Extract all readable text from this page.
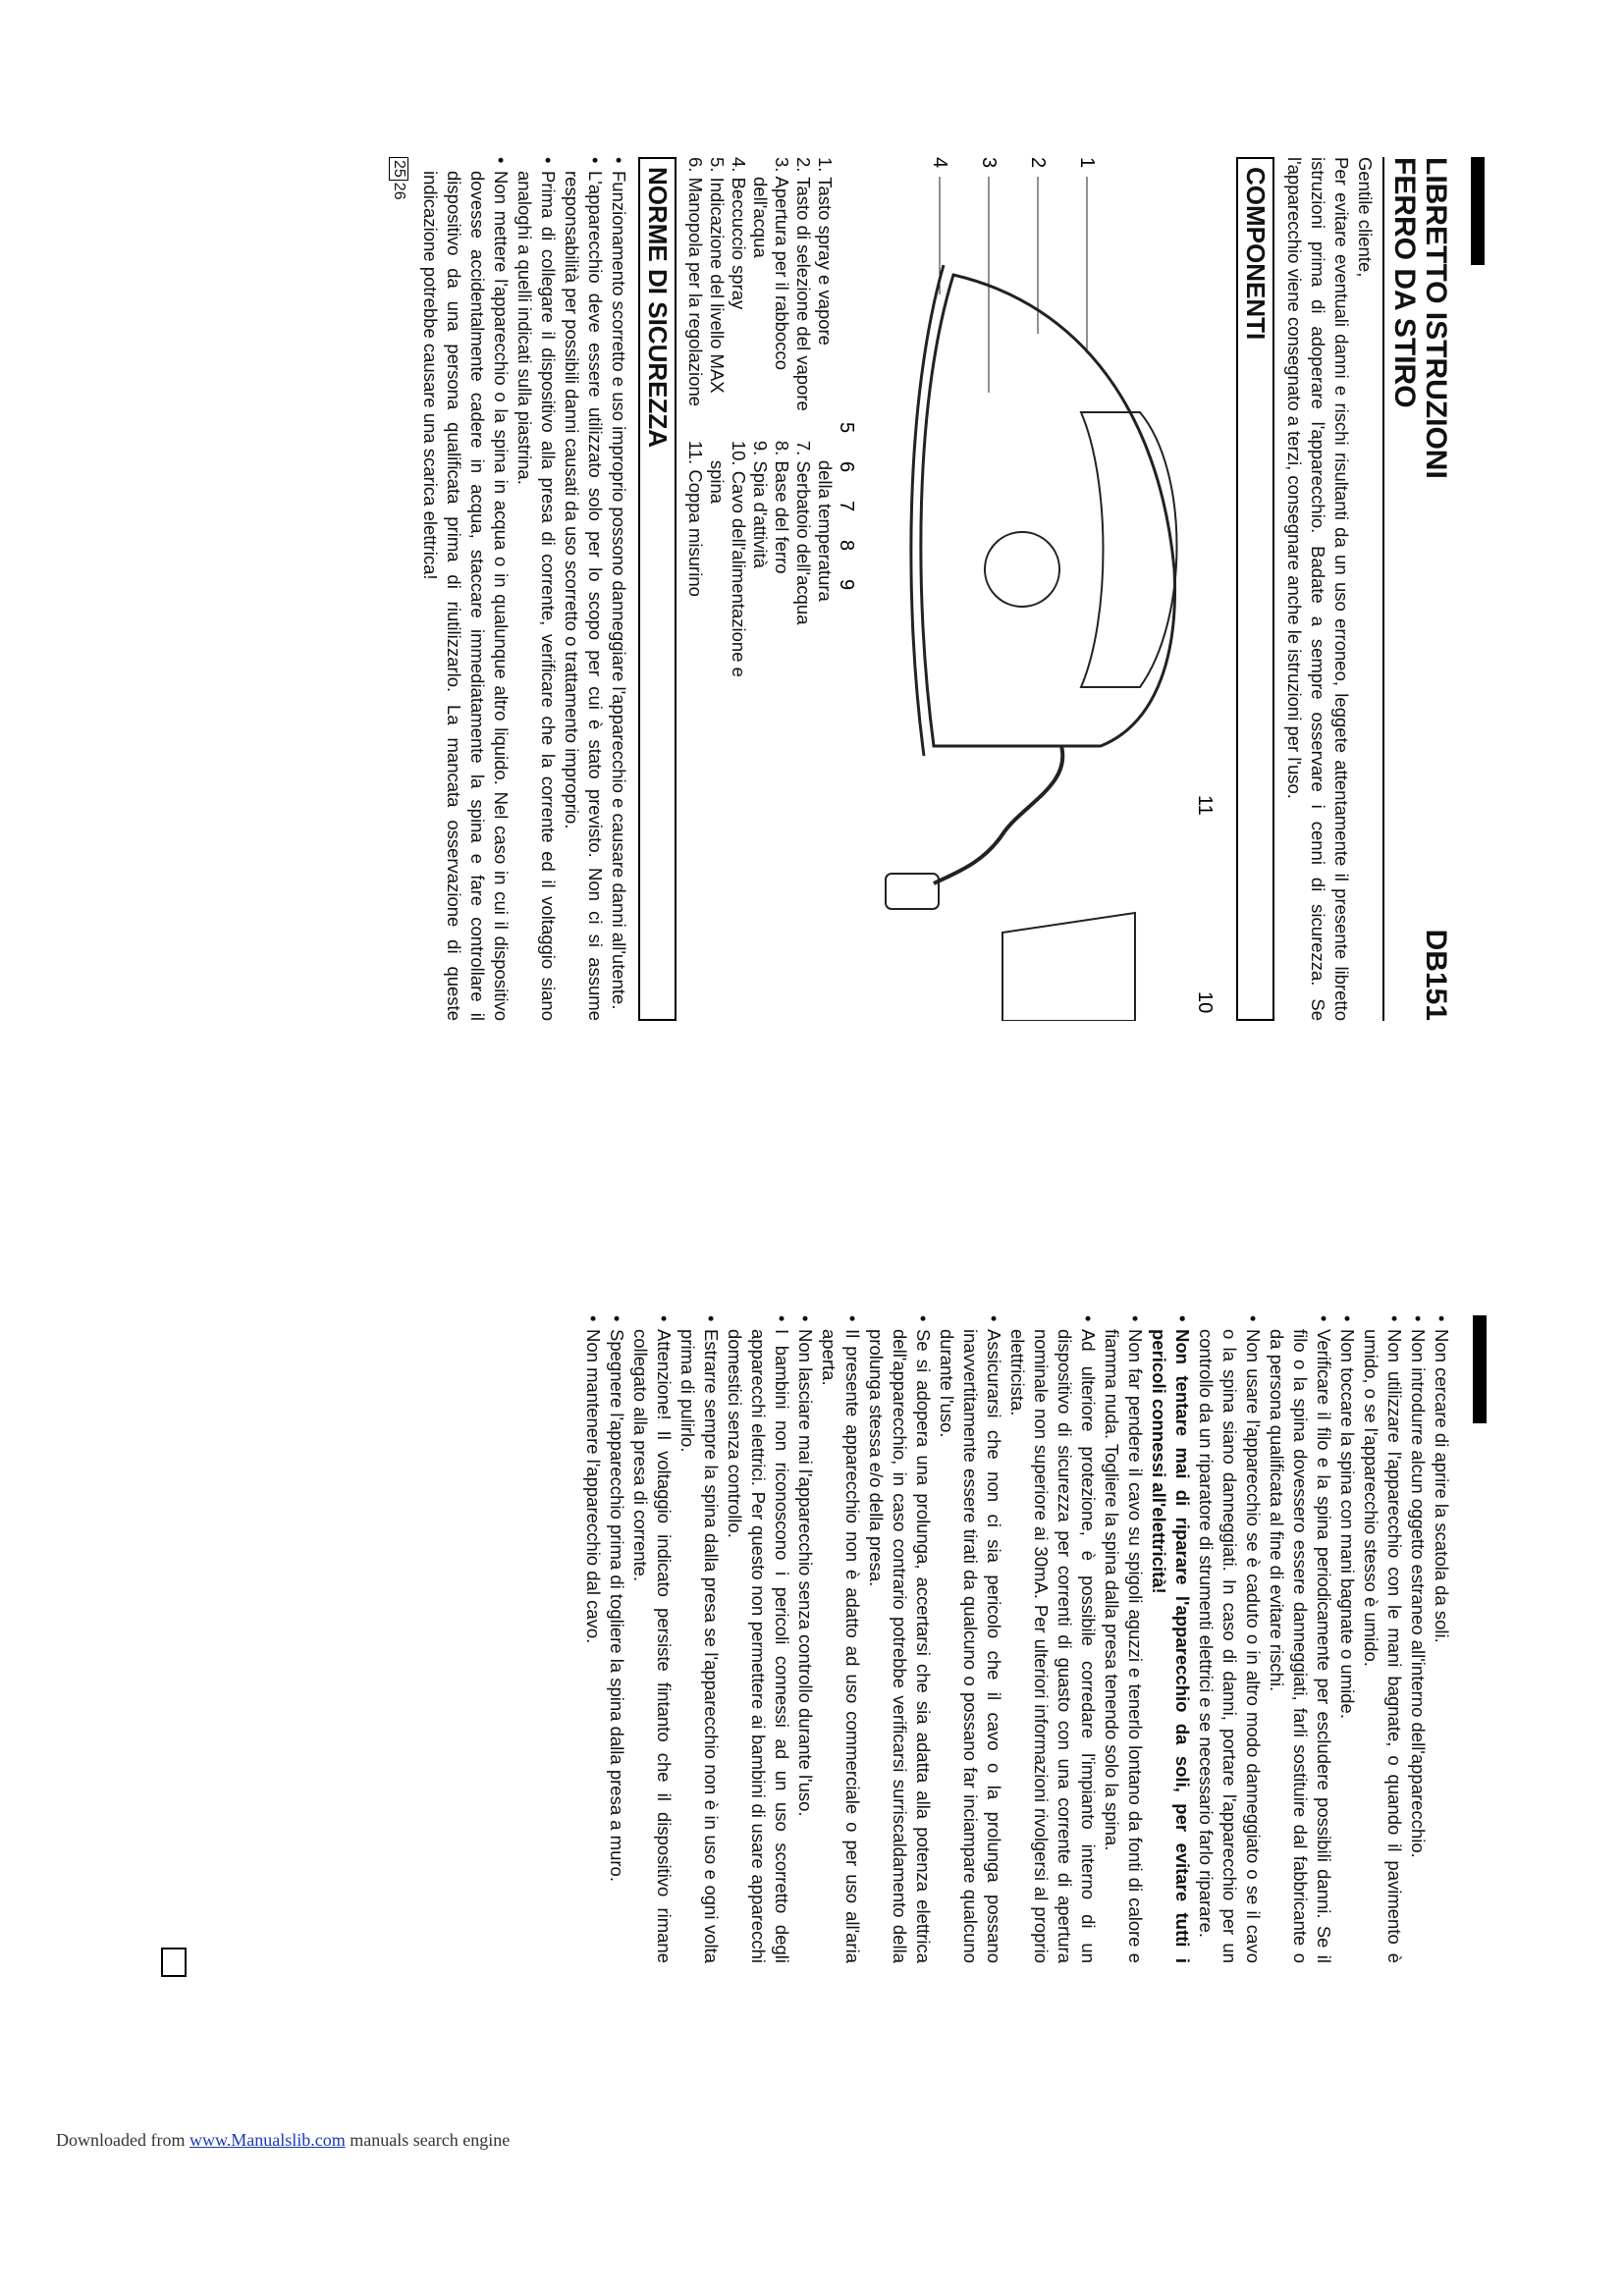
LIBRETTO ISTRUZIONI
FERRO DA STIRO
DB151

Gentile cliente,

Per evitare eventuali danni e rischi risultanti da un uso erroneo, leggete attentamente il presente libretto istruzioni prima di adoperare l'apparecchio. Badate a sempre osservare i cenni di sicurezza. Se l'apparecchio viene consegnato a terzi, consegnare anche le istruzioni per l'uso.

COMPONENTI
1
2
3
4
5
6
7
8
9
10
11
1. Tasto spray e vapore
2. Tasto di selezione del vapore
3. Apertura per il rabbocco
dell'acqua
4. Beccuccio spray
5. Indicazione del livello MAX
6. Manopola per la regolazione
della temperatura
7. Serbatoio dell'acqua
8. Base del ferro
9. Spia d'attività
10. Cavo dell'alimentazione e
spina
11. Coppa misurino
NORME DI SICUREZZA
• Funzionamento scorretto e uso improprio possono danneggiare l'apparecchio e causare danni all'utente.
• L'apparecchio deve essere utilizzato solo per lo scopo per cui è stato previsto. Non ci si assume responsabilità per possibili danni causati da uso scorretto o trattamento improprio.
• Prima di collegare il dispositivo alla presa di corrente, verificare che la corrente ed il voltaggio siano analoghi a quelli indicati sulla piastrina.
• Non mettere l'apparecchio o la spina in acqua o in qualunque altro liquido. Nel caso in cui il dispositivo dovesse accidentalmente cadere in acqua, staccare immediatamente la spina e fare controllare il dispositivo da una persona qualificata prima di riutilizzarlo. La mancata osservazione di queste indicazione potrebbe causare una scarica elettrica!
2526
• Non cercare di aprire la scatola da soli.
• Non introdurre alcun oggetto estraneo all'interno dell'apparecchio.
• Non utilizzare l'apparecchio con le mani bagnate, o quando il pavimento è umido, o se l'apparecchio stesso è umido.
• Non toccare la spina con mani bagnate o umide.
• Verificare il filo e la spina periodicamente per escludere possibili danni. Se il filo o la spina dovessero essere danneggiati, farli sostituire dal fabbricante o da persona qualificata al fine di evitare rischi.
• Non usare l'apparecchio se è caduto o in altro modo danneggiato o se il cavo o la spina siano danneggiati. In caso di danni, portare l'apparecchio per un controllo da un riparatore di strumenti elettrici e se necessario farlo riparare.
• Non tentare mai di riparare l'apparecchio da soli, per evitare tutti i pericoli connessi all'elettricità!
• Non far pendere il cavo su spigoli aguzzi e tenerlo lontano da fonti di calore e fiamma nuda. Togliere la spina dalla presa tenendo solo la spina.
• Ad ulteriore protezione, è possibile corredare l'impianto interno di un dispositivo di sicurezza per correnti di guasto con una corrente di apertura nominale non superiore ai 30mA. Per ulteriori informazioni rivolgersi al proprio elettricista.
• Assicurarsi che non ci sia pericolo che il cavo o la prolunga possano inavvertitamente essere tirati da qualcuno o possano far inciampare qualcuno durante l'uso.
• Se si adopera una prolunga, accertarsi che sia adatta alla potenza elettrica dell'apparecchio, in caso contrario potrebbe verificarsi surriscaldamento della prolunga stessa e/o della presa.
• Il presente apparecchio non è adatto ad uso commerciale o per uso all'aria aperta.
• Non lasciare mai l'apparecchio senza controllo durante l'uso.
• I bambini non riconoscono i pericoli connessi ad un uso scorretto degli apparecchi elettrici. Per questo non permettere ai bambini di usare apparecchi domestici senza controllo.
• Estrarre sempre la spina dalla presa se l'apparecchio non è in uso e ogni volta prima di pulirlo.
• Attenzione! Il voltaggio indicato persiste fintanto che il dispositivo rimane collegato alla presa di corrente.
• Spegnere l'apparecchio prima di togliere la spina dalla presa a muro.
• Non mantenere l'apparecchio dal cavo.
Downloaded from www.Manualslib.com manuals search engine
